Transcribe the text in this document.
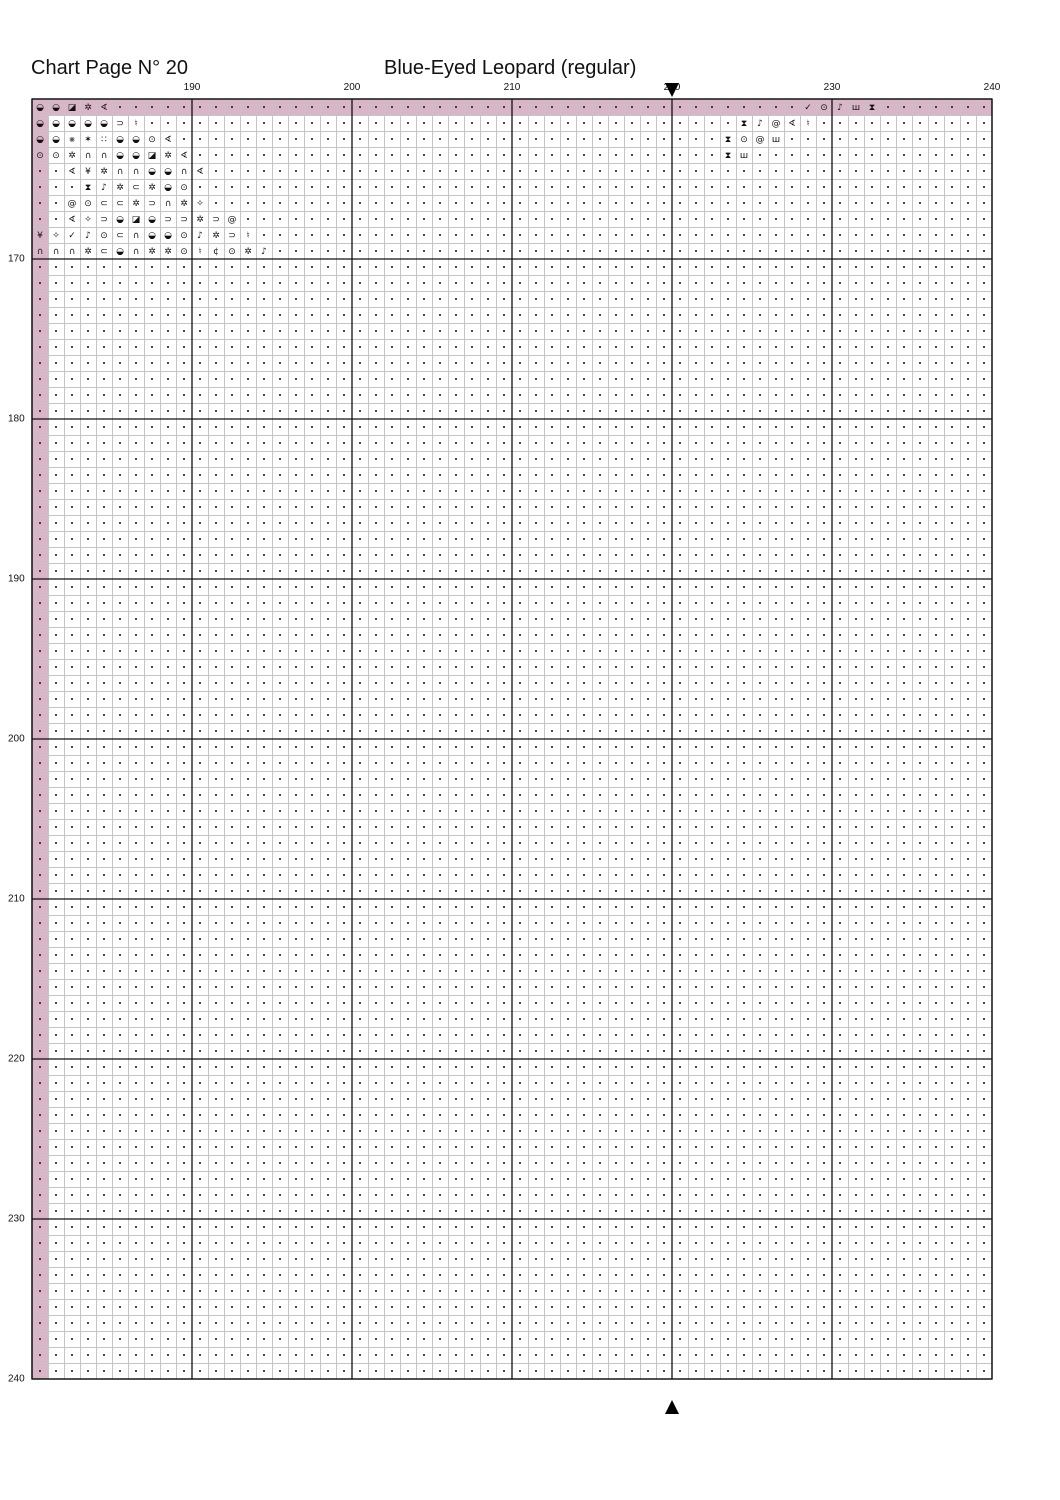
Chart Page N° 20	Blue-Eyed Leopard (regular)
190	200	210	220	230	240
170
180
190
200
210
220
230
240
◒ ◒ ◪ ✲ ∢	✓ ⊙ ♪ ш ⧗
◒ ◒ ◒ ◒ ◒ ⊃ ♮	⧗ ♪ @ ∢ ♮
◒ ◒ ⨳ ✶ ∷ ◒ ◒ ⊙ ∢	⧗ ⊙ @ ш
⊙ ⊙ ✲ ∩ ∩ ◒ ◒ ◪ ✲ ∢	⧗ ш
∢ ¥ ✲ ∩ ∩ ◒ ◒ ∩ ∢
⧗ ♪ ✲ ⊂ ✲ ◒ ⊙
@ ⊙ ⊂ ⊂ ✲ ⊃ ∩ ✲ ✧
∢ ✧ ⊃ ◒ ◪ ◒ ⊃ ⊃ ✲ ⊃ @
¥ ✧ ✓ ♪ ⊙ ⊂ ∩ ◒ ◒ ⊙ ♪ ✲ ⊃ ♮
∩ ∩ ∩ ✲ ⊂ ◒ ∩ ✲ ✲ ⊙ ♮ ¢ ⊙ ✲ ♪
